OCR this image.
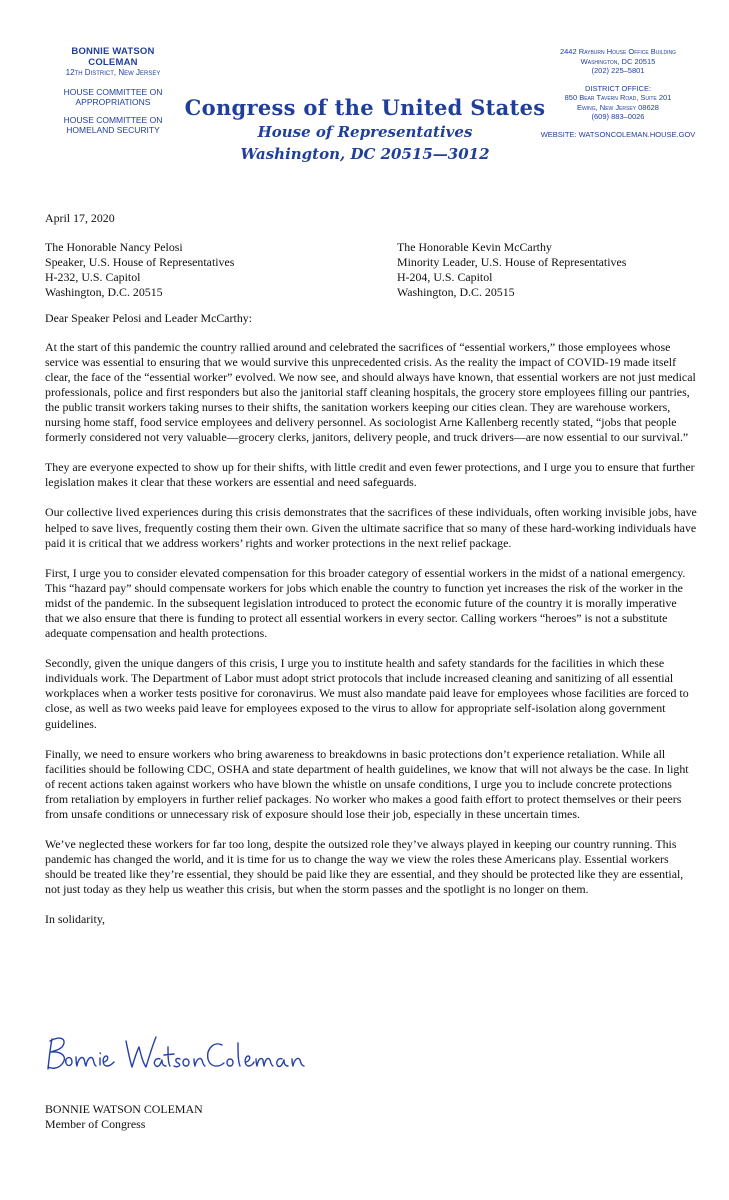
BONNIE WATSON COLEMAN
12th District, New Jersey
HOUSE COMMITTEE ON
APPROPRIATIONS
HOUSE COMMITTEE ON
HOMELAND SECURITY
Congress of the United States
House of Representatives
Washington, DC 20515—3012
2442 Rayburn House Office Building
Washington, DC 20515
(202) 225–5801
DISTRICT OFFICE:
850 Bear Tavern Road, Suite 201
Ewing, New Jersey 08628
(609) 883–0026
WEBSITE: WATSONCOLEMAN.HOUSE.GOV

April 17, 2020

The Honorable Nancy Pelosi
Speaker, U.S. House of Representatives
H-232, U.S. Capitol
Washington, D.C. 20515
The Honorable Kevin McCarthy
Minority Leader, U.S. House of Representatives
H-204, U.S. Capitol
Washington, D.C. 20515

Dear Speaker Pelosi and Leader McCarthy:

At the start of this pandemic the country rallied around and celebrated the sacrifices of “essential workers,” those employees whose service was essential to ensuring that we would survive this unprecedented crisis. As the reality the impact of COVID-19 made itself clear, the face of the “essential worker” evolved. We now see, and should always have known, that essential workers are not just medical professionals, police and first responders but also the janitorial staff cleaning hospitals, the grocery store employees filling our pantries, the public transit workers taking nurses to their shifts, the sanitation workers keeping our cities clean. They are warehouse workers, nursing home staff, food service employees and delivery personnel. As sociologist Arne Kallenberg recently stated, “jobs that people formerly considered not very valuable—grocery clerks, janitors, delivery people, and truck drivers—are now essential to our survival.”

They are everyone expected to show up for their shifts, with little credit and even fewer protections, and I urge you to ensure that further legislation makes it clear that these workers are essential and need safeguards.

Our collective lived experiences during this crisis demonstrates that the sacrifices of these individuals, often working invisible jobs, have helped to save lives, frequently costing them their own. Given the ultimate sacrifice that so many of these hard-working individuals have paid it is critical that we address workers’ rights and worker protections in the next relief package.

First, I urge you to consider elevated compensation for this broader category of essential workers in the midst of a national emergency. This “hazard pay” should compensate workers for jobs which enable the country to function yet increases the risk of the worker in the midst of the pandemic. In the subsequent legislation introduced to protect the economic future of the country it is morally imperative that we also ensure that there is funding to protect all essential workers in every sector. Calling workers “heroes” is not a substitute adequate compensation and health protections.

Secondly, given the unique dangers of this crisis, I urge you to institute health and safety standards for the facilities in which these individuals work. The Department of Labor must adopt strict protocols that include increased cleaning and sanitizing of all essential workplaces when a worker tests positive for coronavirus. We must also mandate paid leave for employees whose facilities are forced to close, as well as two weeks paid leave for employees exposed to the virus to allow for appropriate self-isolation along government guidelines.

Finally, we need to ensure workers who bring awareness to breakdowns in basic protections don’t experience retaliation. While all facilities should be following CDC, OSHA and state department of health guidelines, we know that will not always be the case. In light of recent actions taken against workers who have blown the whistle on unsafe conditions, I urge you to include concrete protections from retaliation by employers in further relief packages. No worker who makes a good faith effort to protect themselves or their peers from unsafe conditions or unnecessary risk of exposure should lose their job, especially in these uncertain times.

We’ve neglected these workers for far too long, despite the outsized role they’ve always played in keeping our country running. This pandemic has changed the world, and it is time for us to change the way we view the roles these Americans play. Essential workers should be treated like they’re essential, they should be paid like they are essential, and they should be protected like they are essential, not just today as they help us weather this crisis, but when the storm passes and the spotlight is no longer on them.

In solidarity,

BONNIE WATSON COLEMAN
Member of Congress
